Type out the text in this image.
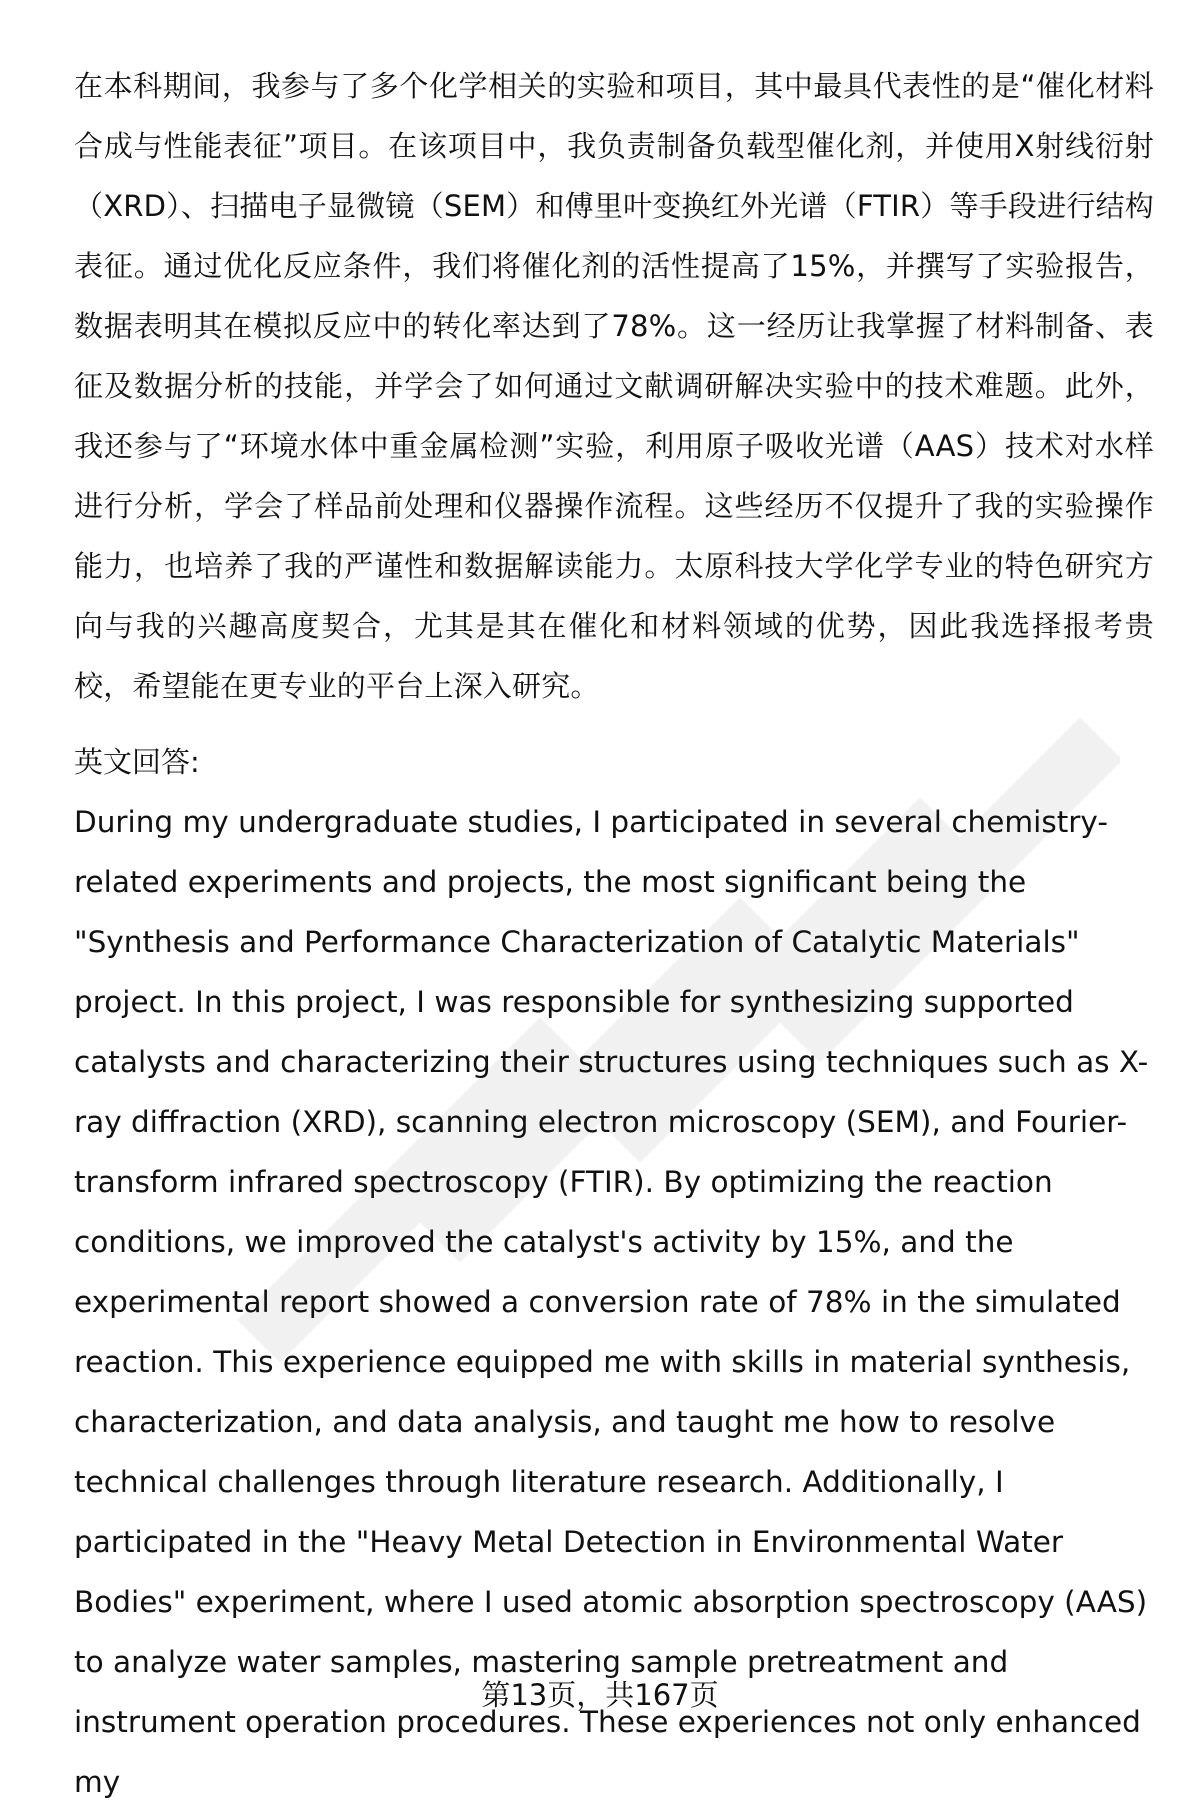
在本科期间，我参与了多个化学相关的实验和项目，其中最具代表性的是“催化材料合成与性能表征”项目。在该项目中，我负责制备负载型催化剂，并使用X射线衍射（XRD）、扫描电子显微镜（SEM）和傅里叶变换红外光谱（FTIR）等手段进行结构表征。通过优化反应条件，我们将催化剂的活性提高了15%，并撰写了实验报告，数据表明其在模拟反应中的转化率达到了78%。这一经历让我掌握了材料制备、表征及数据分析的技能，并学会了如何通过文献调研解决实验中的技术难题。此外，我还参与了“环境水体中重金属检测”实验，利用原子吸收光谱（AAS）技术对水样进行分析，学会了样品前处理和仪器操作流程。这些经历不仅提升了我的实验操作能力，也培养了我的严谨性和数据解读能力。太原科技大学化学专业的特色研究方向与我的兴趣高度契合，尤其是其在催化和材料领域的优势，因此我选择报考贵校，希望能在更专业的平台上深入研究。

英文回答:

During my undergraduate studies, I participated in several chemistry-related experiments and projects, the most significant being the "Synthesis and Performance Characterization of Catalytic Materials" project. In this project, I was responsible for synthesizing supported catalysts and characterizing their structures using techniques such as X-ray diffraction (XRD), scanning electron microscopy (SEM), and Fourier-transform infrared spectroscopy (FTIR). By optimizing the reaction conditions, we improved the catalyst's activity by 15%, and the experimental report showed a conversion rate of 78% in the simulated reaction. This experience equipped me with skills in material synthesis, characterization, and data analysis, and taught me how to resolve technical challenges through literature research. Additionally, I participated in the "Heavy Metal Detection in Environmental Water Bodies" experiment, where I used atomic absorption spectroscopy (AAS) to analyze water samples, mastering sample pretreatment and instrument operation procedures. These experiences not only enhanced my

第13页，共167页
